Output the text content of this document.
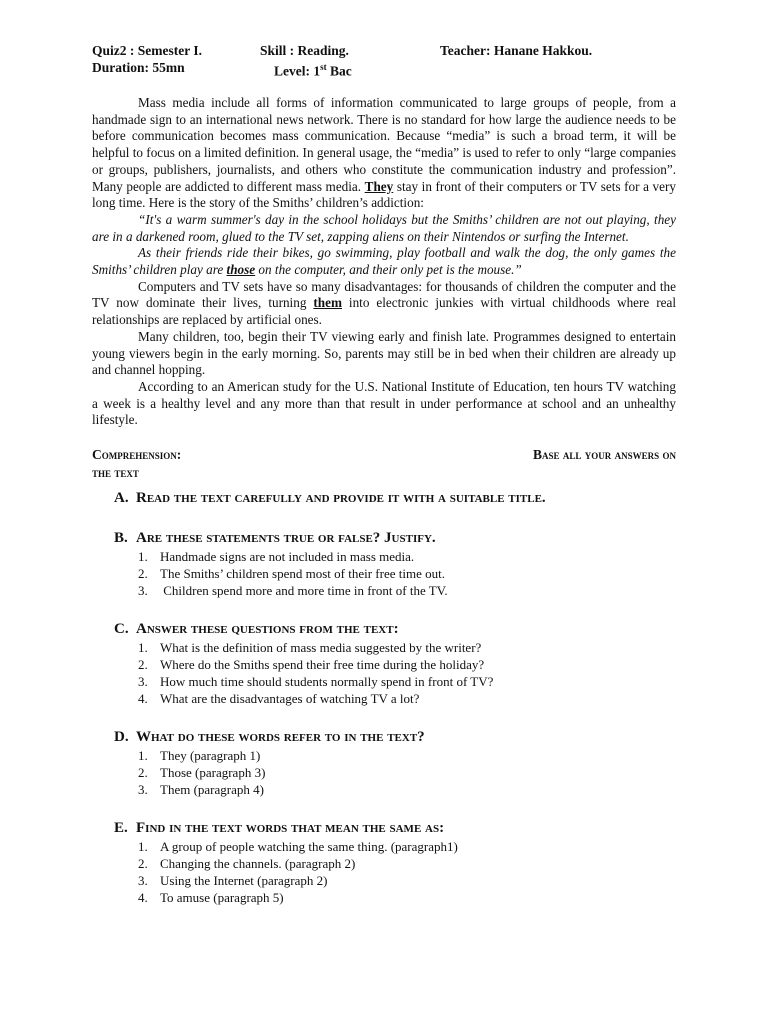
Quiz2 : Semester I.	Skill : Reading.	Teacher: Hanane Hakkou.
Duration: 55mn	Level: 1st Bac

Mass media include all forms of information communicated to large groups of people, from a handmade sign to an international news network. There is no standard for how large the audience needs to be before communication becomes mass communication. Because “media” is such a broad term, it will be helpful to focus on a limited definition. In general usage, the “media” is used to refer to only “large companies or groups, publishers, journalists, and others who constitute the communication industry and profession”. Many people are addicted to different mass media. They stay in front of their computers or TV sets for a very long time. Here is the story of the Smiths’ children’s addiction:

“It's a warm summer's day in the school holidays but the Smiths’ children are not out playing, they are in a darkened room, glued to the TV set, zapping aliens on their Nintendos or surfing the Internet.

As their friends ride their bikes, go swimming, play football and walk the dog, the only games the Smiths’ children play are those on the computer, and their only pet is the mouse.”

Computers and TV sets have so many disadvantages: for thousands of children the computer and the TV now dominate their lives, turning them into electronic junkies with virtual childhoods where real relationships are replaced by artificial ones.

Many children, too, begin their TV viewing early and finish late. Programmes designed to entertain young viewers begin in the early morning. So, parents may still be in bed when their children are already up and channel hopping.

According to an American study for the U.S. National Institute of Education, ten hours TV watching a week is a healthy level and any more than that result in under performance at school and an unhealthy lifestyle.

Comprehension:	Base all your answers on
the text
A. Read the text carefully and provide it with a suitable title.
B. Are these statements true or false? Justify.
1. Handmade signs are not included in mass media.
2. The Smiths’ children spend most of their free time out.
3. Children spend more and more time in front of the TV.
C. Answer these questions from the text:
1. What is the definition of mass media suggested by the writer?
2. Where do the Smiths spend their free time during the holiday?
3. How much time should students normally spend in front of TV?
4. What are the disadvantages of watching TV a lot?
D. What do these words refer to in the text?
1. They (paragraph 1)
2. Those (paragraph 3)
3. Them (paragraph 4)
E. Find in the text words that mean the same as:
1. A group of people watching the same thing. (paragraph1)
2. Changing the channels. (paragraph 2)
3. Using the Internet (paragraph 2)
4. To amuse (paragraph 5)
